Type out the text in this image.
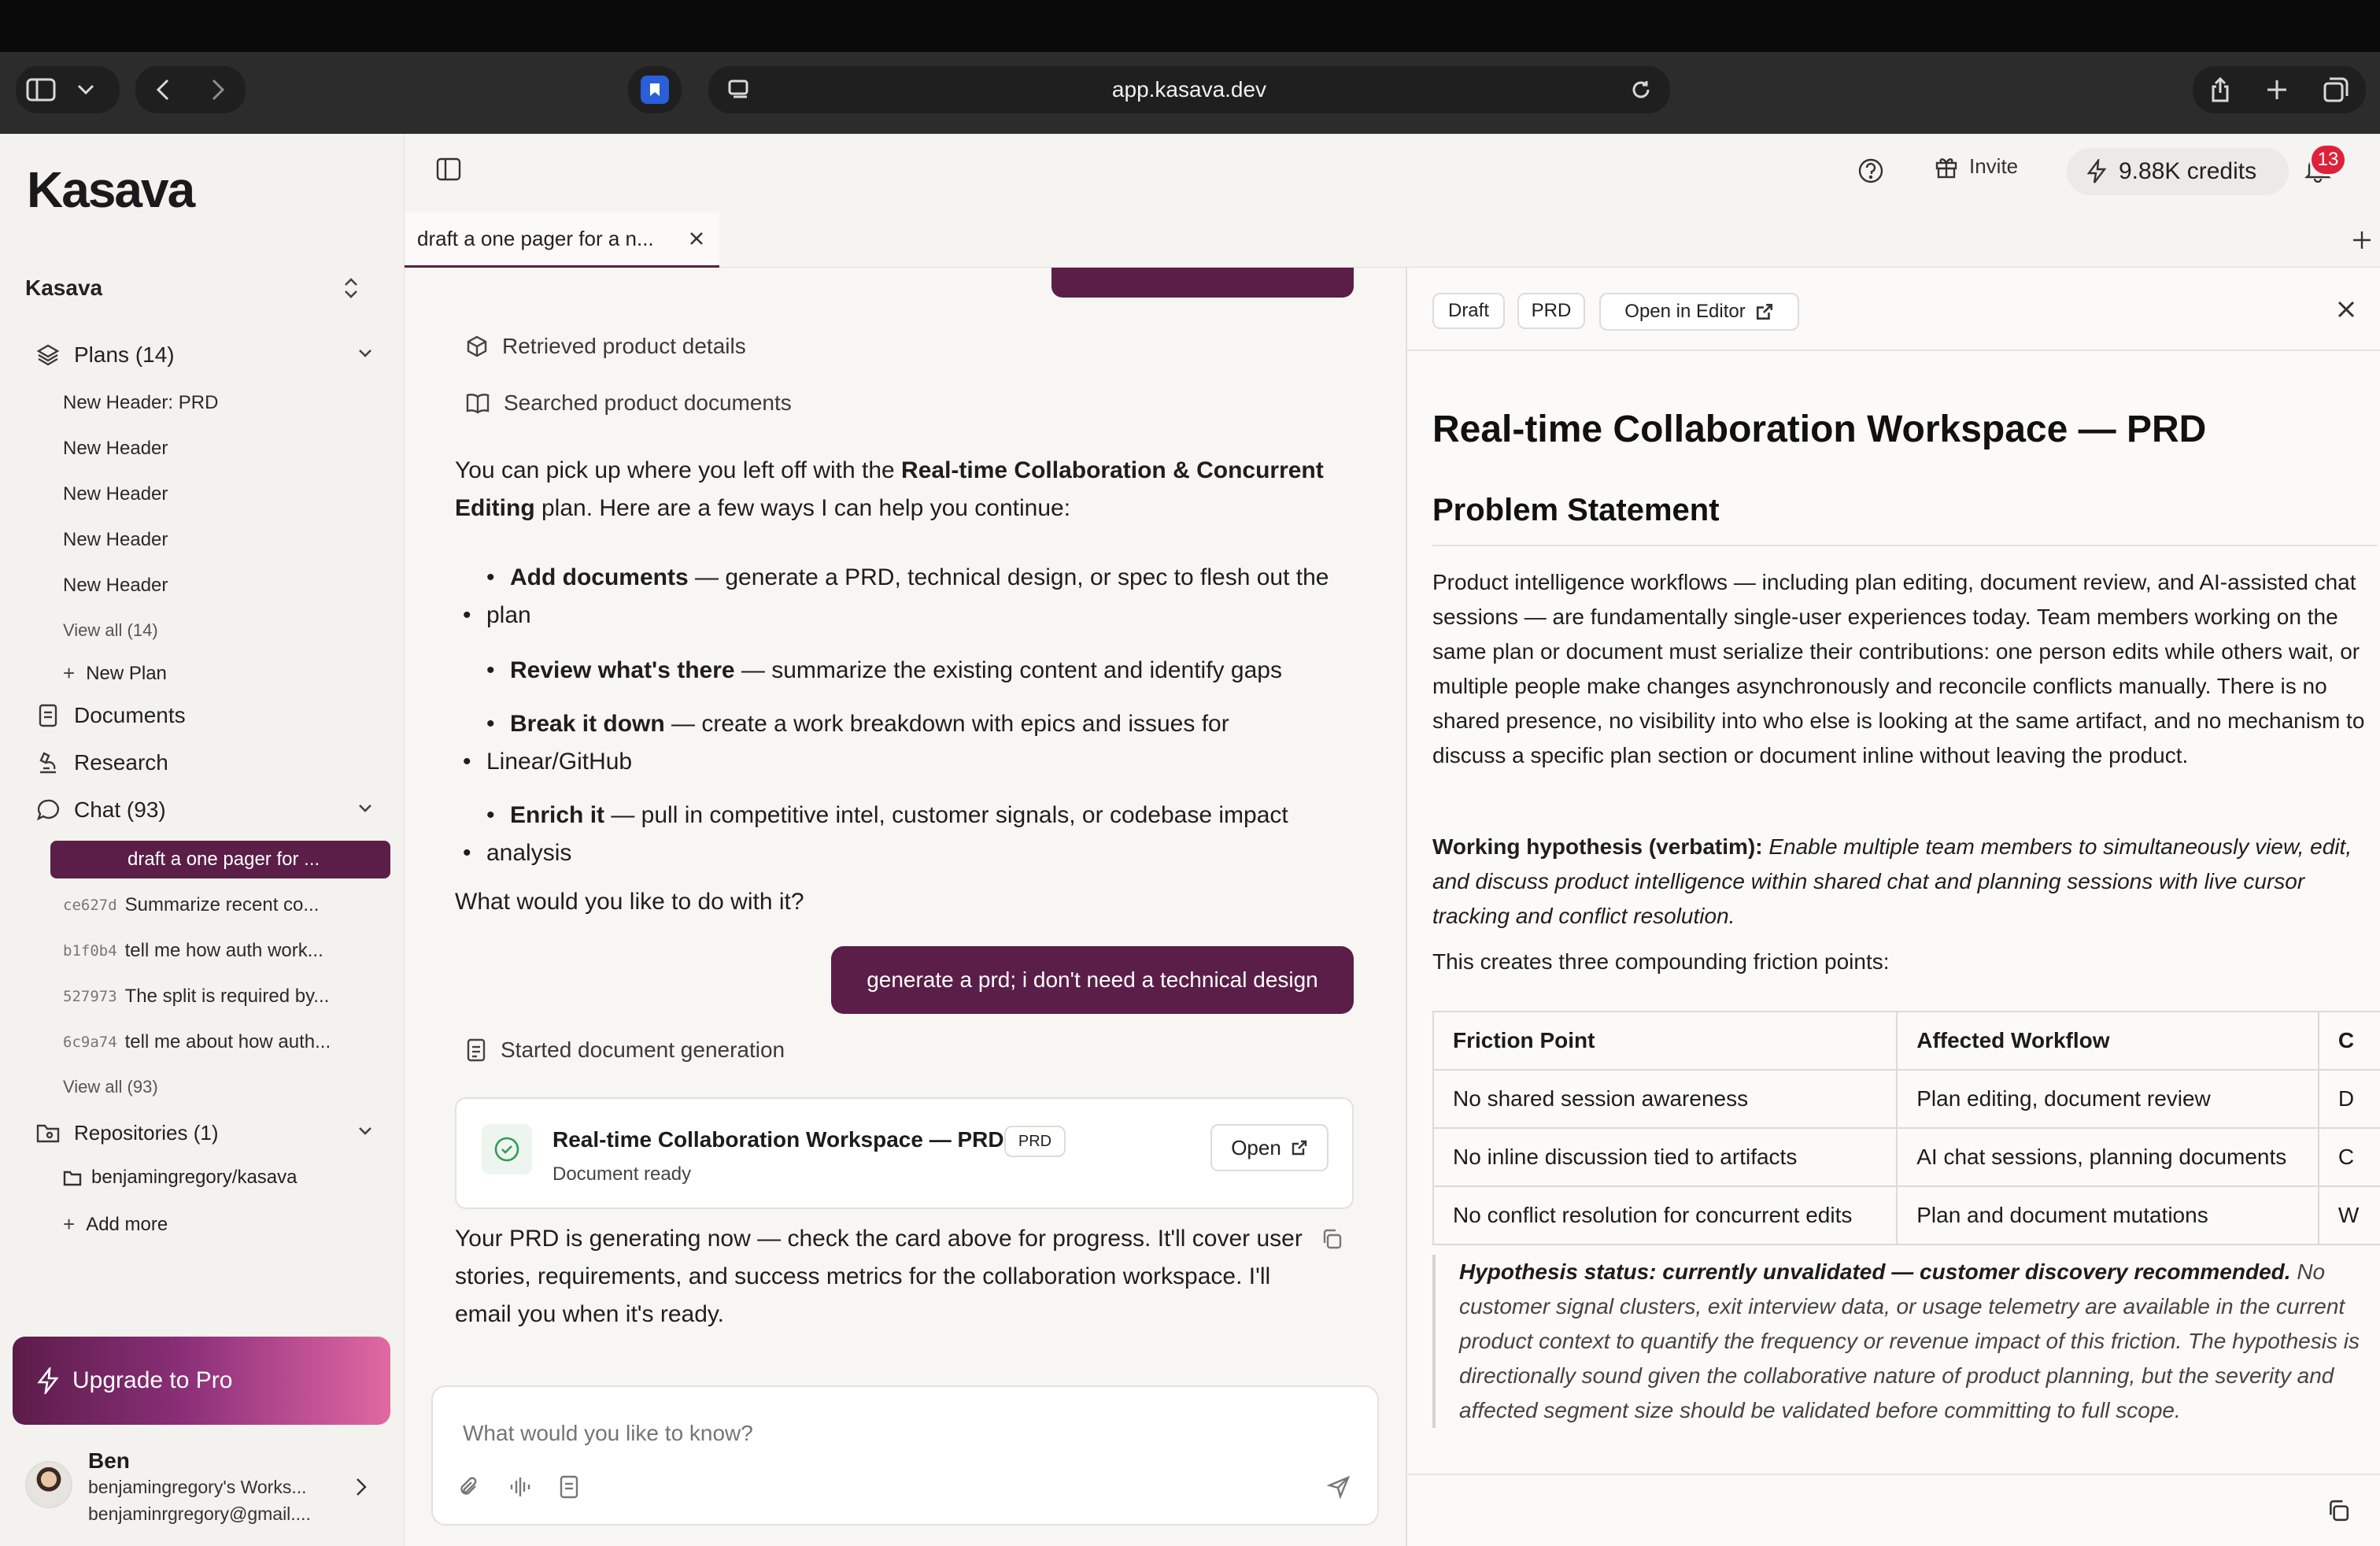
app.kasava.dev
Kasava
Kasava
Plans (14)
New Header: PRD
New Header
New Header
New Header
New Header
View all (14)
+ New Plan
Documents
Research
Chat (93)
draft a one pager for ...
ce627d Summarize recent co...
b1f0b4 tell me how auth work...
527973 The split is required by...
6c9a74 tell me about how auth...
View all (93)
Repositories (1)
benjamingregory/kasava
+ Add more
Upgrade to Pro
Ben
benjamingregory's Works...
benjaminrgregory@gmail....
Invite	9.88K credits	13
draft a one pager for a n...
Retrieved product details
Searched product documents
You can pick up where you left off with the Real-time Collaboration & Concurrent
Editing plan. Here are a few ways I can help you continue:
• Add documents — generate a PRD, technical design, or spec to flesh out the
• plan
• Review what's there — summarize the existing content and identify gaps
• Break it down — create a work breakdown with epics and issues for
• Linear/GitHub
• Enrich it — pull in competitive intel, customer signals, or codebase impact
• analysis
What would you like to do with it?
generate a prd; i don't need a technical design
Started document generation
Your PRD is generating now — check the card above for progress. It'll cover user
stories, requirements, and success metrics for the collaboration workspace. I'll
email you when it's ready.
Real-time Collaboration Workspace — PRD PRD
Document ready
Open
What would you like to know?
Draft	PRD	Open in Editor
Real-time Collaboration Workspace — PRD
Problem Statement
Product intelligence workflows — including plan editing, document review, and AI-assisted chat sessions — are fundamentally single-user experiences today. Team members working on the same plan or document must serialize their contributions: one person edits while others wait, or multiple people make changes asynchronously and reconcile conflicts manually. There is no shared presence, no visibility into who else is looking at the same artifact, and no mechanism to discuss a specific plan section or document inline without leaving the product.
Working hypothesis (verbatim): Enable multiple team members to simultaneously view, edit, and discuss product intelligence within shared chat and planning sessions with live cursor tracking and conflict resolution.
This creates three compounding friction points:
Friction Point	Affected Workflow	C
No shared session awareness	Plan editing, document review	D
No inline discussion tied to artifacts	AI chat sessions, planning documents	C
No conflict resolution for concurrent edits	Plan and document mutations	W
Hypothesis status: currently unvalidated — customer discovery recommended. No customer signal clusters, exit interview data, or usage telemetry are available in the current product context to quantify the frequency or revenue impact of this friction. The hypothesis is directionally sound given the collaborative nature of product planning, but the severity and affected segment size should be validated before committing to full scope.
